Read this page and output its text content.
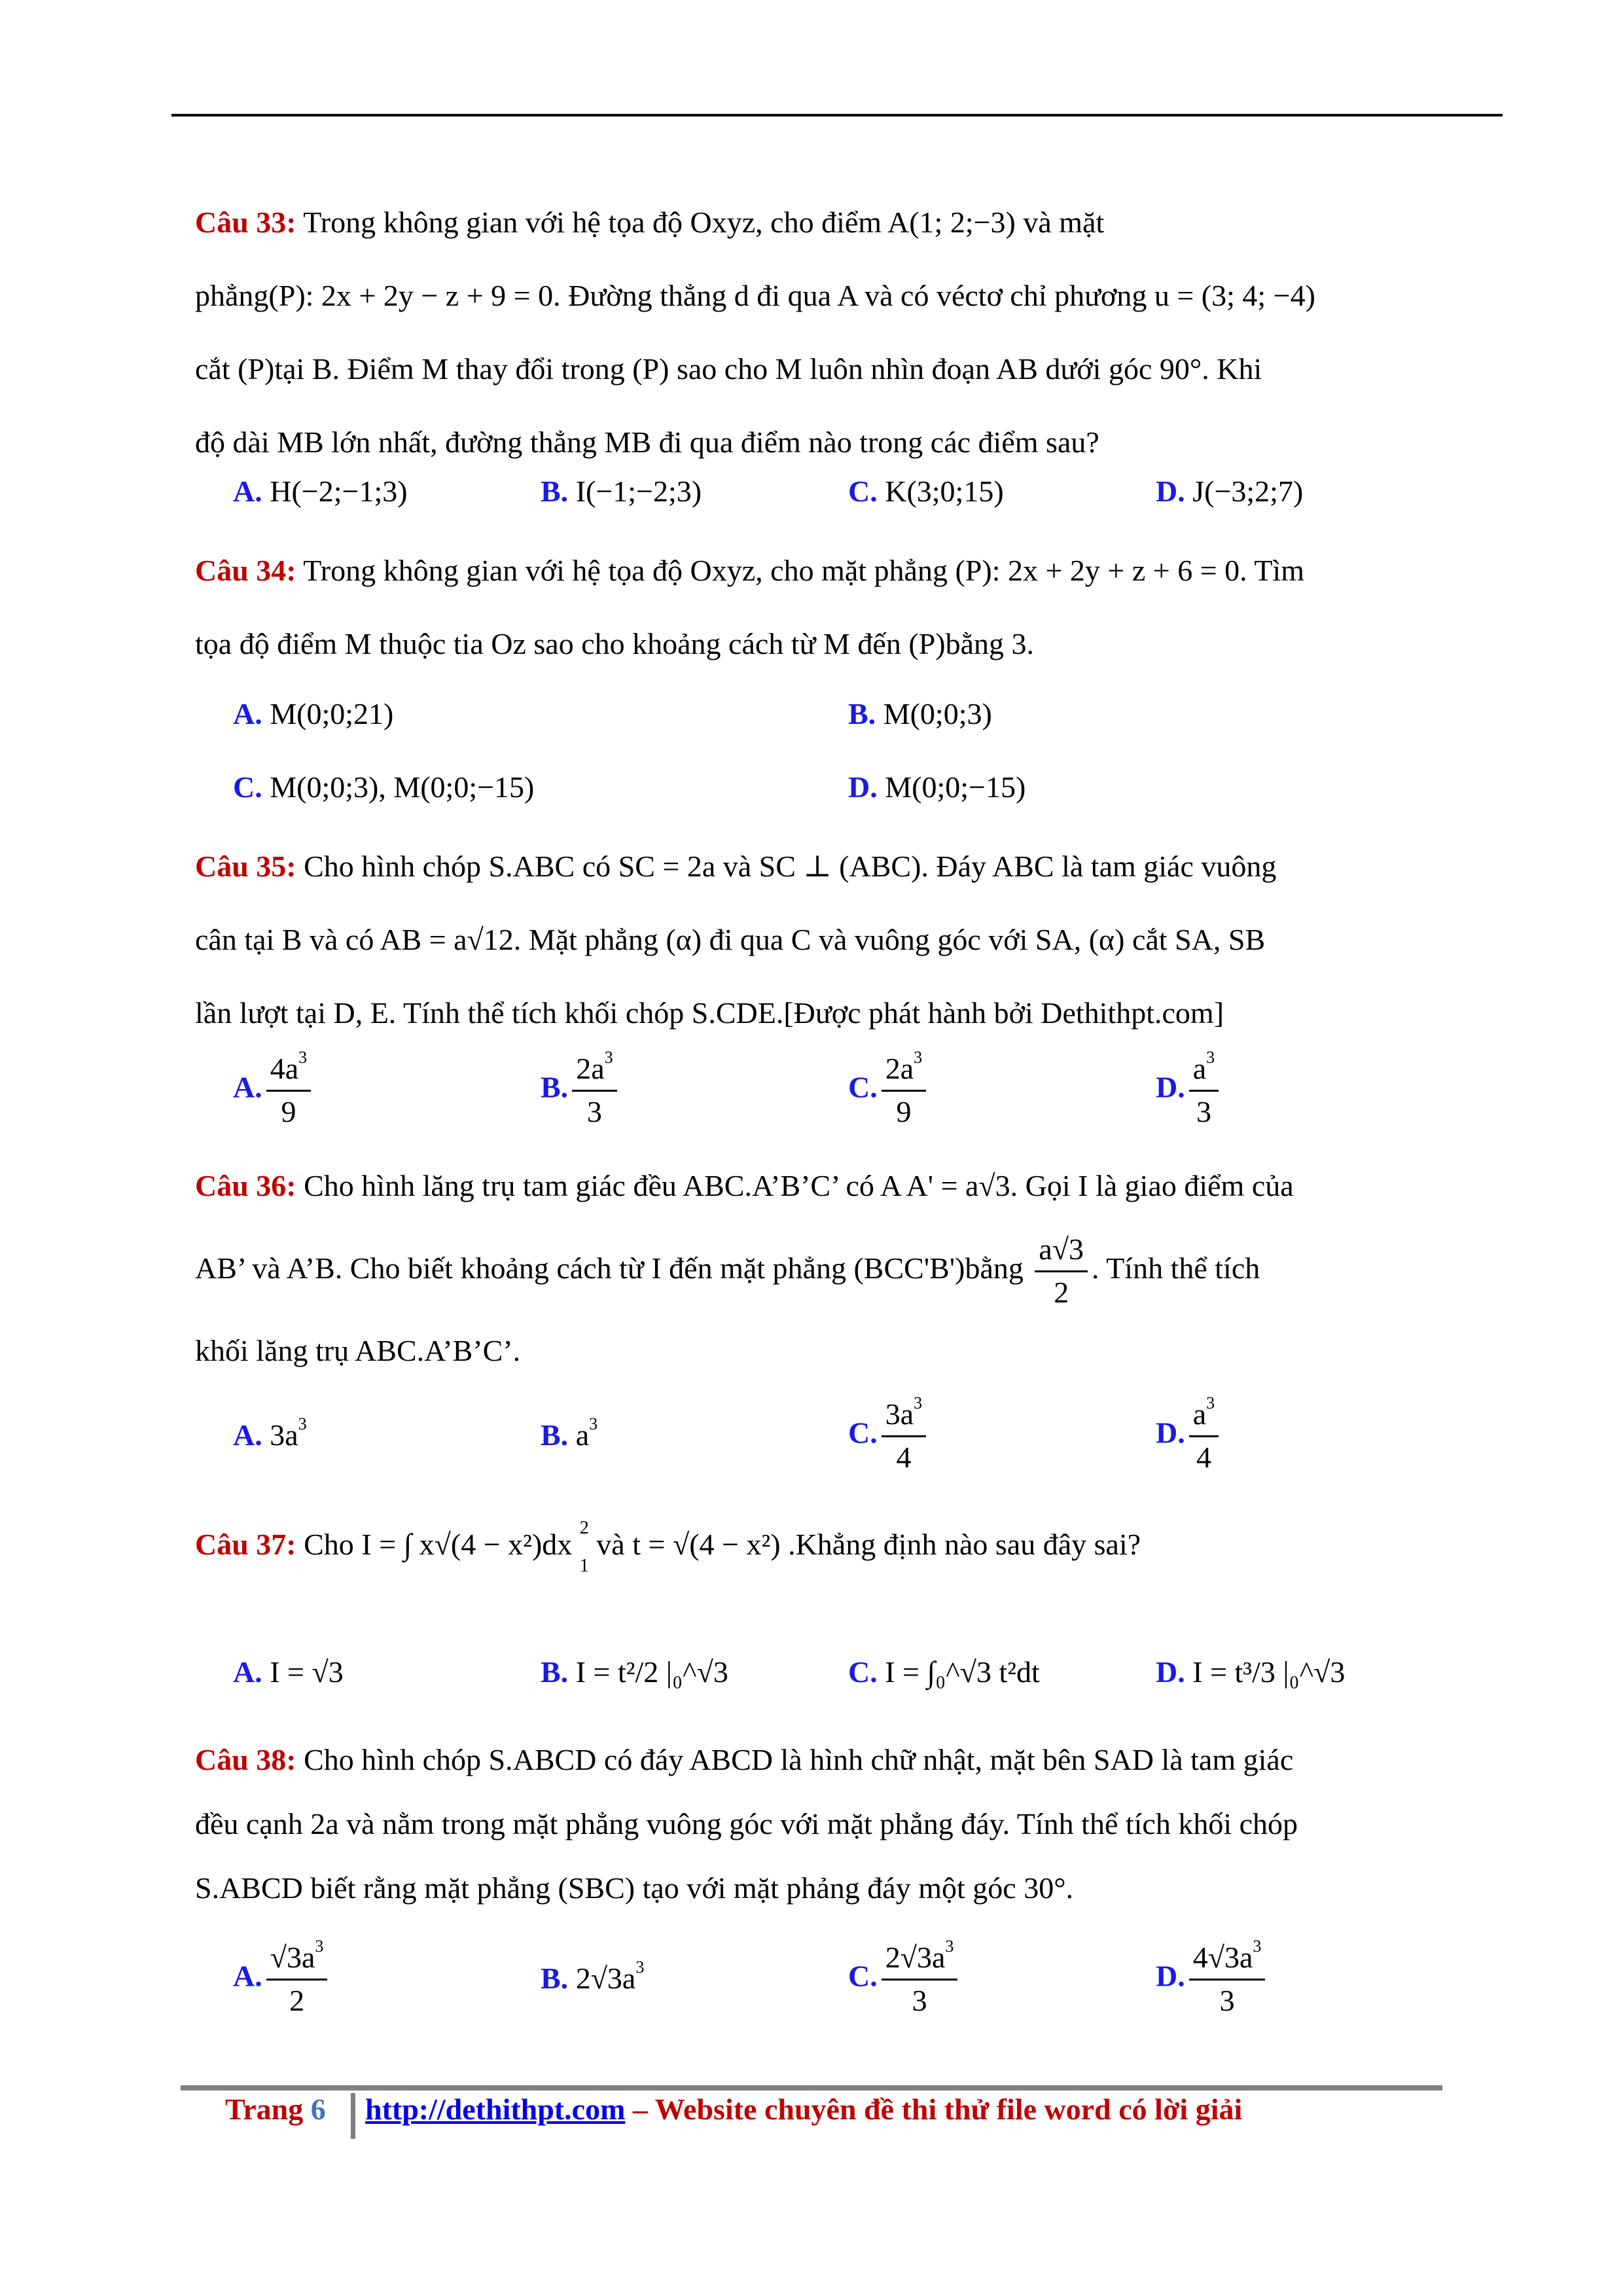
Câu 33: Trong không gian với hệ tọa độ Oxyz, cho điểm A(1; 2;−3) và mặt
phẳng(P): 2x + 2y − z + 9 = 0. Đường thẳng d đi qua A và có véctơ chỉ phương u = (3; 4; −4)
cắt (P)tại B. Điểm M thay đổi trong (P) sao cho M luôn nhìn đoạn AB dưới góc 90°. Khi
độ dài MB lớn nhất, đường thẳng MB đi qua điểm nào trong các điểm sau?
A. H(−2;−1;3)	B. I(−1;−2;3)	C. K(3;0;15)	D. J(−3;2;7)
Câu 34: Trong không gian với hệ tọa độ Oxyz, cho mặt phẳng (P): 2x + 2y + z + 6 = 0. Tìm
tọa độ điểm M thuộc tia Oz sao cho khoảng cách từ M đến (P)bằng 3.
A. M(0;0;21)	B. M(0;0;3)
C. M(0;0;3), M(0;0;−15)	D. M(0;0;−15)
Câu 35: Cho hình chóp S.ABC có SC = 2a và SC ⊥ (ABC). Đáy ABC là tam giác vuông
cân tại B và có AB = a√12. Mặt phẳng (α) đi qua C và vuông góc với SA, (α) cắt SA, SB
lần lượt tại D, E. Tính thể tích khối chóp S.CDE.[Được phát hành bởi Dethithpt.com]
A. $\frac{4a^3}{9}$	B. $\frac{2a^3}{3}$	C. $\frac{2a^3}{9}$	D. $\frac{a^3}{3}$
Câu 36: Cho hình lăng trụ tam giác đều ABC.A’B’C’ có A A' = a√3. Gọi I là giao điểm của
AB’ và A’B. Cho biết khoảng cách từ I đến mặt phẳng (BCC'B')bằng $\frac{a√3}{2}$ . Tính thể tích
khối lăng trụ ABC.A’B’C’.
A. $3a^3$	B. $a^3$	C. $\frac{3a^3}{4}$	D. $\frac{a^3}{4}$
Câu 37: Cho I = ∫ x√(4 − x²)dx 2
1
và t = √(4 − x²) .Khẳng định nào sau đây sai?
A. I = √3	B. I = t²/2 |₀^√3	C. I = ∫₀^√3 t²dt	D. I = t³/3 |₀^√3
Câu 38: Cho hình chóp S.ABCD có đáy ABCD là hình chữ nhật, mặt bên SAD là tam giác
đều cạnh 2a và nằm trong mặt phẳng vuông góc với mặt phẳng đáy. Tính thể tích khối chóp
S.ABCD biết rằng mặt phẳng (SBC) tạo với mặt phảng đáy một góc 30°.
A. $\frac{√3a^3}{2}$	B. $2√3a^3$	C. $\frac{2√3a^3}{3}$	D. $\frac{4√3a^3}{3}$
Trang 6 http://dethithpt.com – Website chuyên đề thi thử file word có lời giải
